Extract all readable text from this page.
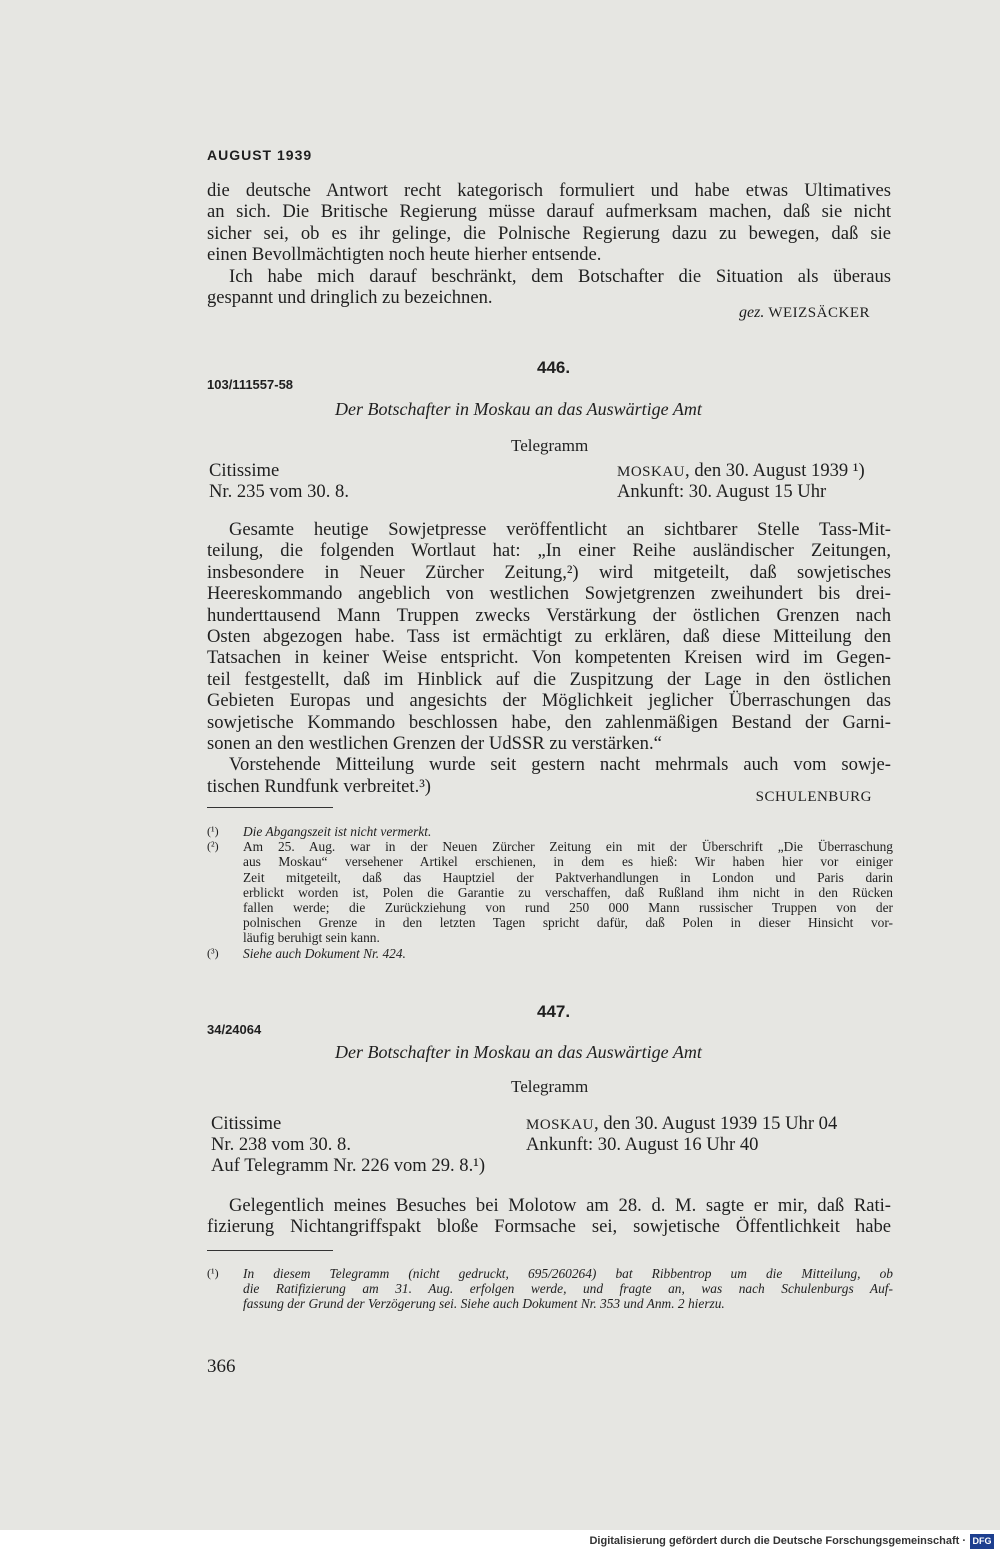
AUGUST 1939
die deutsche Antwort recht kategorisch formuliert und habe etwas Ultimatives
an sich. Die Britische Regierung müsse darauf aufmerksam machen, daß sie nicht
sicher sei, ob es ihr gelinge, die Polnische Regierung dazu zu bewegen, daß sie
einen Bevollmächtigten noch heute hierher entsende.
Ich habe mich darauf beschränkt, dem Botschafter die Situation als überaus
gespannt und dringlich zu bezeichnen.
gez. WEIZSÄCKER
446.
103/111557-58
Der Botschafter in Moskau an das Auswärtige Amt
Telegramm
Citissime
Nr. 235 vom 30. 8.
MOSKAU, den 30. August 1939 ¹)
Ankunft: 30. August 15 Uhr
Gesamte heutige Sowjetpresse veröffentlicht an sichtbarer Stelle Tass-Mit-
teilung, die folgenden Wortlaut hat: „In einer Reihe ausländischer Zeitungen,
insbesondere in Neuer Zürcher Zeitung,²) wird mitgeteilt, daß sowjetisches
Heereskommando angeblich von westlichen Sowjetgrenzen zweihundert bis drei-
hunderttausend Mann Truppen zwecks Verstärkung der östlichen Grenzen nach
Osten abgezogen habe. Tass ist ermächtigt zu erklären, daß diese Mitteilung den
Tatsachen in keiner Weise entspricht. Von kompetenten Kreisen wird im Gegen-
teil festgestellt, daß im Hinblick auf die Zuspitzung der Lage in den östlichen
Gebieten Europas und angesichts der Möglichkeit jeglicher Überraschungen das
sowjetische Kommando beschlossen habe, den zahlenmäßigen Bestand der Garni-
sonen an den westlichen Grenzen der UdSSR zu verstärken.“
Vorstehende Mitteilung wurde seit gestern nacht mehrmals auch vom sowje-
tischen Rundfunk verbreitet.³)
SCHULENBURG
(¹) Die Abgangszeit ist nicht vermerkt.
(²) Am 25. Aug. war in der Neuen Zürcher Zeitung ein mit der Überschrift „Die Überraschung
aus Moskau“ versehener Artikel erschienen, in dem es hieß: Wir haben hier vor einiger
Zeit mitgeteilt, daß das Hauptziel der Paktverhandlungen in London und Paris darin
erblickt worden ist, Polen die Garantie zu verschaffen, daß Rußland ihm nicht in den Rücken
fallen werde; die Zurückziehung von rund 250 000 Mann russischer Truppen von der
polnischen Grenze in den letzten Tagen spricht dafür, daß Polen in dieser Hinsicht vor-
läufig beruhigt sein kann.
(³) Siehe auch Dokument Nr. 424.
447.
34/24064
Der Botschafter in Moskau an das Auswärtige Amt
Telegramm
Citissime
Nr. 238 vom 30. 8.
Auf Telegramm Nr. 226 vom 29. 8.¹)
MOSKAU, den 30. August 1939 15 Uhr 04
Ankunft: 30. August 16 Uhr 40
Gelegentlich meines Besuches bei Molotow am 28. d. M. sagte er mir, daß Rati-
fizierung Nichtangriffspakt bloße Formsache sei, sowjetische Öffentlichkeit habe
(¹) In diesem Telegramm (nicht gedruckt, 695/260264) bat Ribbentrop um die Mitteilung, ob
die Ratifizierung am 31. Aug. erfolgen werde, und fragte an, was nach Schulenburgs Auf-
fassung der Grund der Verzögerung sei. Siehe auch Dokument Nr. 353 und Anm. 2 hierzu.
366
Digitalisierung gefördert durch die Deutsche Forschungsgemeinschaft · DFG
